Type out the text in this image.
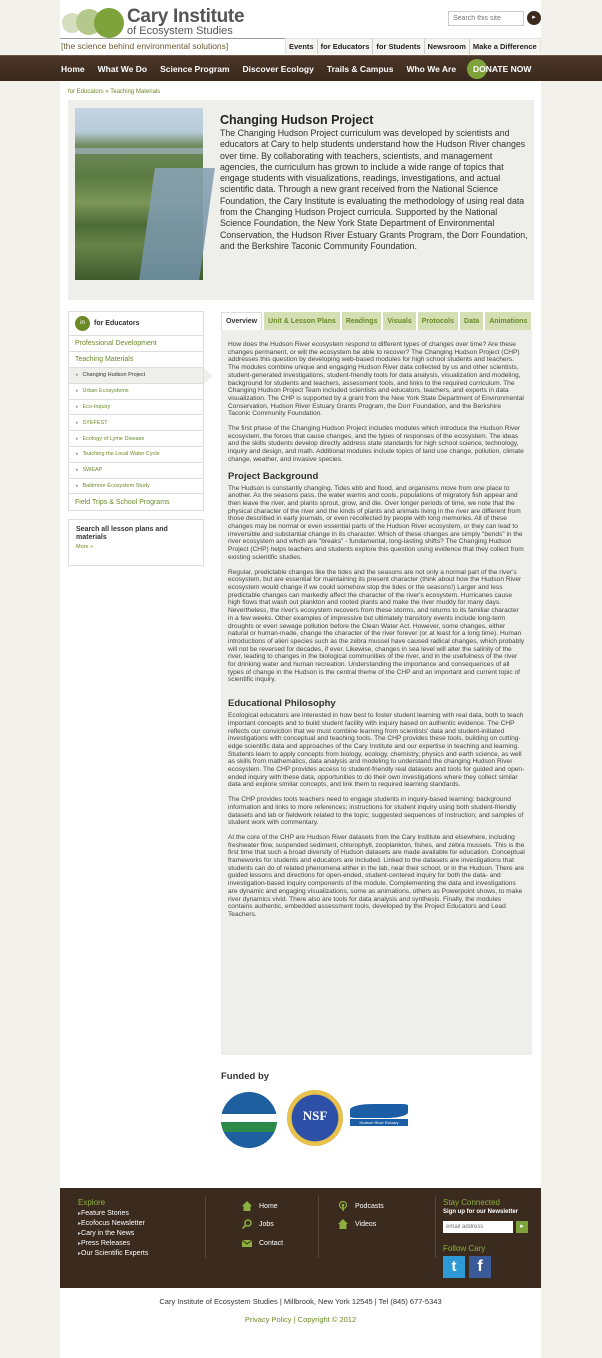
Cary Institute
of Ecosystem Studies
[the science behind environmental solutions]
Search this site
▸
Events for Educators for Students Newsroom Make a Difference
Home What We Do Science Program Discover Ecology Trails & Campus Who We Are DONATE NOW
for Educators » Teaching Materials
Changing Hudson Project
The Changing Hudson Project curriculum was developed by scientists and educators at Cary to help students understand how the Hudson River changes over time. By collaborating with teachers, scientists, and management agencies, the curriculum has grown to include a wide range of topics that engage students with visualizations, readings, investigations, and actual scientific data. Through a new grant received from the National Science Foundation, the Cary Institute is evaluating the methodology of using real data from the Changing Hudson Project curricula. Supported by the National Science Foundation, the New York State Department of Environmental Conservation, the Hudson River Estuary Grants Program, the Dorr Foundation, and the Berkshire Taconic Community Foundation.
in	for Educators
Professional Development
Teaching Materials
▸ Changing Hudson Project
▸ Urban Ecosystems
▸ Eco-Inquiry
▸ SYEFEST
▸ Ecology of Lyme Disease
▸ Teaching the Local Water Cycle
▸ SWEAP
▸ Baltimore Ecosystem Study
Field Trips & School Programs
Search all lesson plans and materials
More »
Overview	Unit & Lesson Plans	Readings	Visuals	Protocols	Data	Animations

How does the Hudson River ecosystem respond to different types of changes over time? Are these changes permanent, or will the ecosystem be able to recover? The Changing Hudson Project (CHP) addresses this question by developing web-based modules for high school students and teachers. The modules combine unique and engaging Hudson River data collected by us and other scientists, student-generated investigations, student-friendly tools for data analysis, visualization and modeling, background for students and teachers, assessment tools, and links to the required curriculum. The Changing Hudson Project Team included scientists and educators, teachers, and experts in data visualization. The CHP is supported by a grant from the New York State Department of Environmental Conservation, Hudson River Estuary Grants Program, the Dorr Foundation, and the Berkshire Taconic Community Foundation.

The first phase of the Changing Hudson Project includes modules which introduce the Hudson River ecosystem, the forces that cause changes, and the types of responses of the ecosystem. The ideas and the skills students develop directly address state standards for high school science, technology, inquiry and design, and math. Additional modules include topics of land use change, pollution, climate change, weather, and invasive species.

Project Background

The Hudson is constantly changing. Tides ebb and flood, and organisms move from one place to another. As the seasons pass, the water warms and cools, populations of migratory fish appear and then leave the river, and plants sprout, grow, and die. Over longer periods of time, we note that the physical character of the river and the kinds of plants and animals living in the river are different from those described in early journals, or even recollected by people with long memories. All of these changes may be normal or even essential parts of the Hudson River ecosystem, or they can lead to irreversible and substantial change in its character. Which of these changes are simply "bends" in the river ecosystem and which are "breaks" - fundamental, long-lasting shifts? The Changing Hudson Project (CHP) helps teachers and students explore this question using evidence that they collect from existing scientific studies.

Regular, predictable changes like the tides and the seasons are not only a normal part of the river's ecosystem, but are essential for maintaining its present character (think about how the Hudson River ecosystem would change if we could somehow stop the tides or the seasons!) Larger and less predictable changes can markedly affect the character of the river's ecosystem. Hurricanes cause high flows that wash out plankton and rooted plants and make the river muddy for many days. Nevertheless, the river's ecosystem recovers from these storms, and returns to its familiar character in a few weeks. Other examples of impressive but ultimately transitory events include long-term droughts or even sewage pollution before the Clean Water Act. However, some changes, either natural or human-made, change the character of the river forever (or at least for a long time). Human introductions of alien species such as the zebra mussel have caused radical changes, which probably will not be reversed for decades, if ever. Likewise, changes in sea level will alter the salinity of the river, leading to changes in the biological communities of the river, and in the usefulness of the river for drinking water and human recreation. Understanding the importance and consequences of all types of change in the Hudson is the central theme of the CHP and an important and current topic of scientific inquiry.

Educational Philosophy

Ecological educators are interested in how best to foster student learning with real data, both to teach important concepts and to build student facility with inquiry based on authentic evidence. The CHP reflects our conviction that we must combine learning from scientists' data and student-initiated investigations with conceptual and teaching tools. The CHP provides these tools, building on cutting-edge scientific data and approaches of the Cary Institute and our expertise in teaching and learning. Students learn to apply concepts from biology, ecology, chemistry, physics and earth science, as well as skills from mathematics, data analysis and modeling to understand the changing Hudson River ecosystem. The CHP provides access to student-friendly real datasets and tools for guided and open-ended inquiry with these data, opportunities to do their own investigations where they collect similar data and explore similar concepts, and link them to required learning standards.

The CHP provides tools teachers need to engage students in inquiry-based learning: background information and links to more references; instructions for student inquiry using both student-friendly datasets and lab or fieldwork related to the topic; suggested sequences of instruction; and samples of student work with commentary.

At the core of the CHP are Hudson River datasets from the Cary Institute and elsewhere, including freshwater flow, suspended sediment, chlorophyll, zooplankton, fishes, and zebra mussels. This is the first time that such a broad diversity of Hudson datasets are made available for education. Conceptual frameworks for students and educators are included. Linked to the datasets are investigations that students can do of related phenomena either in the lab, near their school, or in the Hudson. There are guided lessons and directions for open-ended, student-centered inquiry for both the data- and investigation-based inquiry components of the module. Complementing the data and investigations are dynamic and engaging visualizations, some as animations, others as Powerpoint shows, to make river dynamics vivid. There also are tools for data analysis and synthesis. Finally, the modules contains authentic, embedded assessment tools, developed by the Project Educators and Lead Teachers.

Funded by
NSF	Hudson River Estuary
Explore
▸ Feature Stories
▸ Ecofocus Newsletter
▸ Cary in the News
▸ Press Releases
▸ Our Scientific Experts
Home
Jobs
Contact
Podcasts
Videos
Stay Connected
Sign up for our Newsletter
email address
▸
Follow Cary
t	f
Cary Institute of Ecosystem Studies | Millbrook, New York 12545 | Tel (845) 677-5343
Privacy Policy | Copyright © 2012
